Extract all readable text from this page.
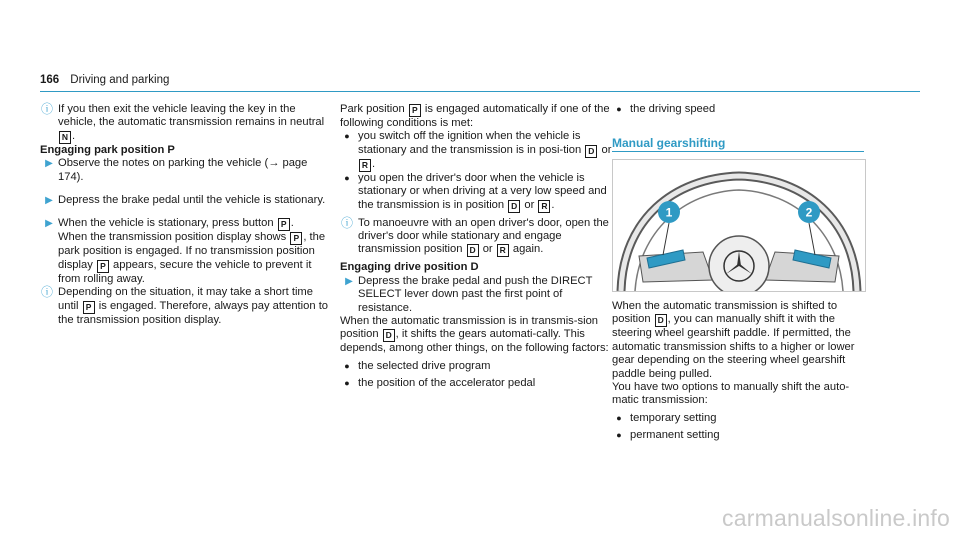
166 Driving and parking
ⓘ If you then exit the vehicle leaving the key in the vehicle, the automatic transmission remains in neutral N .

Engaging park position P

▶ Observe the notes on parking the vehicle (→ page 174).
▶ Depress the brake pedal until the vehicle is stationary.
▶ When the vehicle is stationary, press button P .
When the transmission position display shows P , the park position is engaged. If no transmission position display P appears, secure the vehicle to prevent it from rolling away.
ⓘ Depending on the situation, it may take a short time until P is engaged. Therefore, always pay attention to the transmission position display.

Park position P is engaged automatically if one of the following conditions is met:

● you switch off the ignition when the vehicle is stationary and the transmission is in posi-tion D or R .
● you open the driver's door when the vehicle is stationary or when driving at a very low speed and the transmission is in position D or R .
ⓘ To manoeuvre with an open driver's door, open the driver's door while stationary and engage transmission position D or R again.

Engaging drive position D

▶ Depress the brake pedal and push the DIRECT SELECT lever down past the first point of resistance.

When the automatic transmission is in transmis-sion position D , it shifts the gears automati-cally. This depends, among other things, on the following factors:

● the selected drive program
● the position of the accelerator pedal
● the driving speed
Manual gearshifting
1	2

When the automatic transmission is shifted to position D , you can manually shift it with the steering wheel gearshift paddle. If permitted, the automatic transmission shifts to a higher or lower gear depending on the steering wheel gearshift paddle being pulled.

You have two options to manually shift the auto-matic transmission:

● temporary setting
● permanent setting
carmanualsonline.info
